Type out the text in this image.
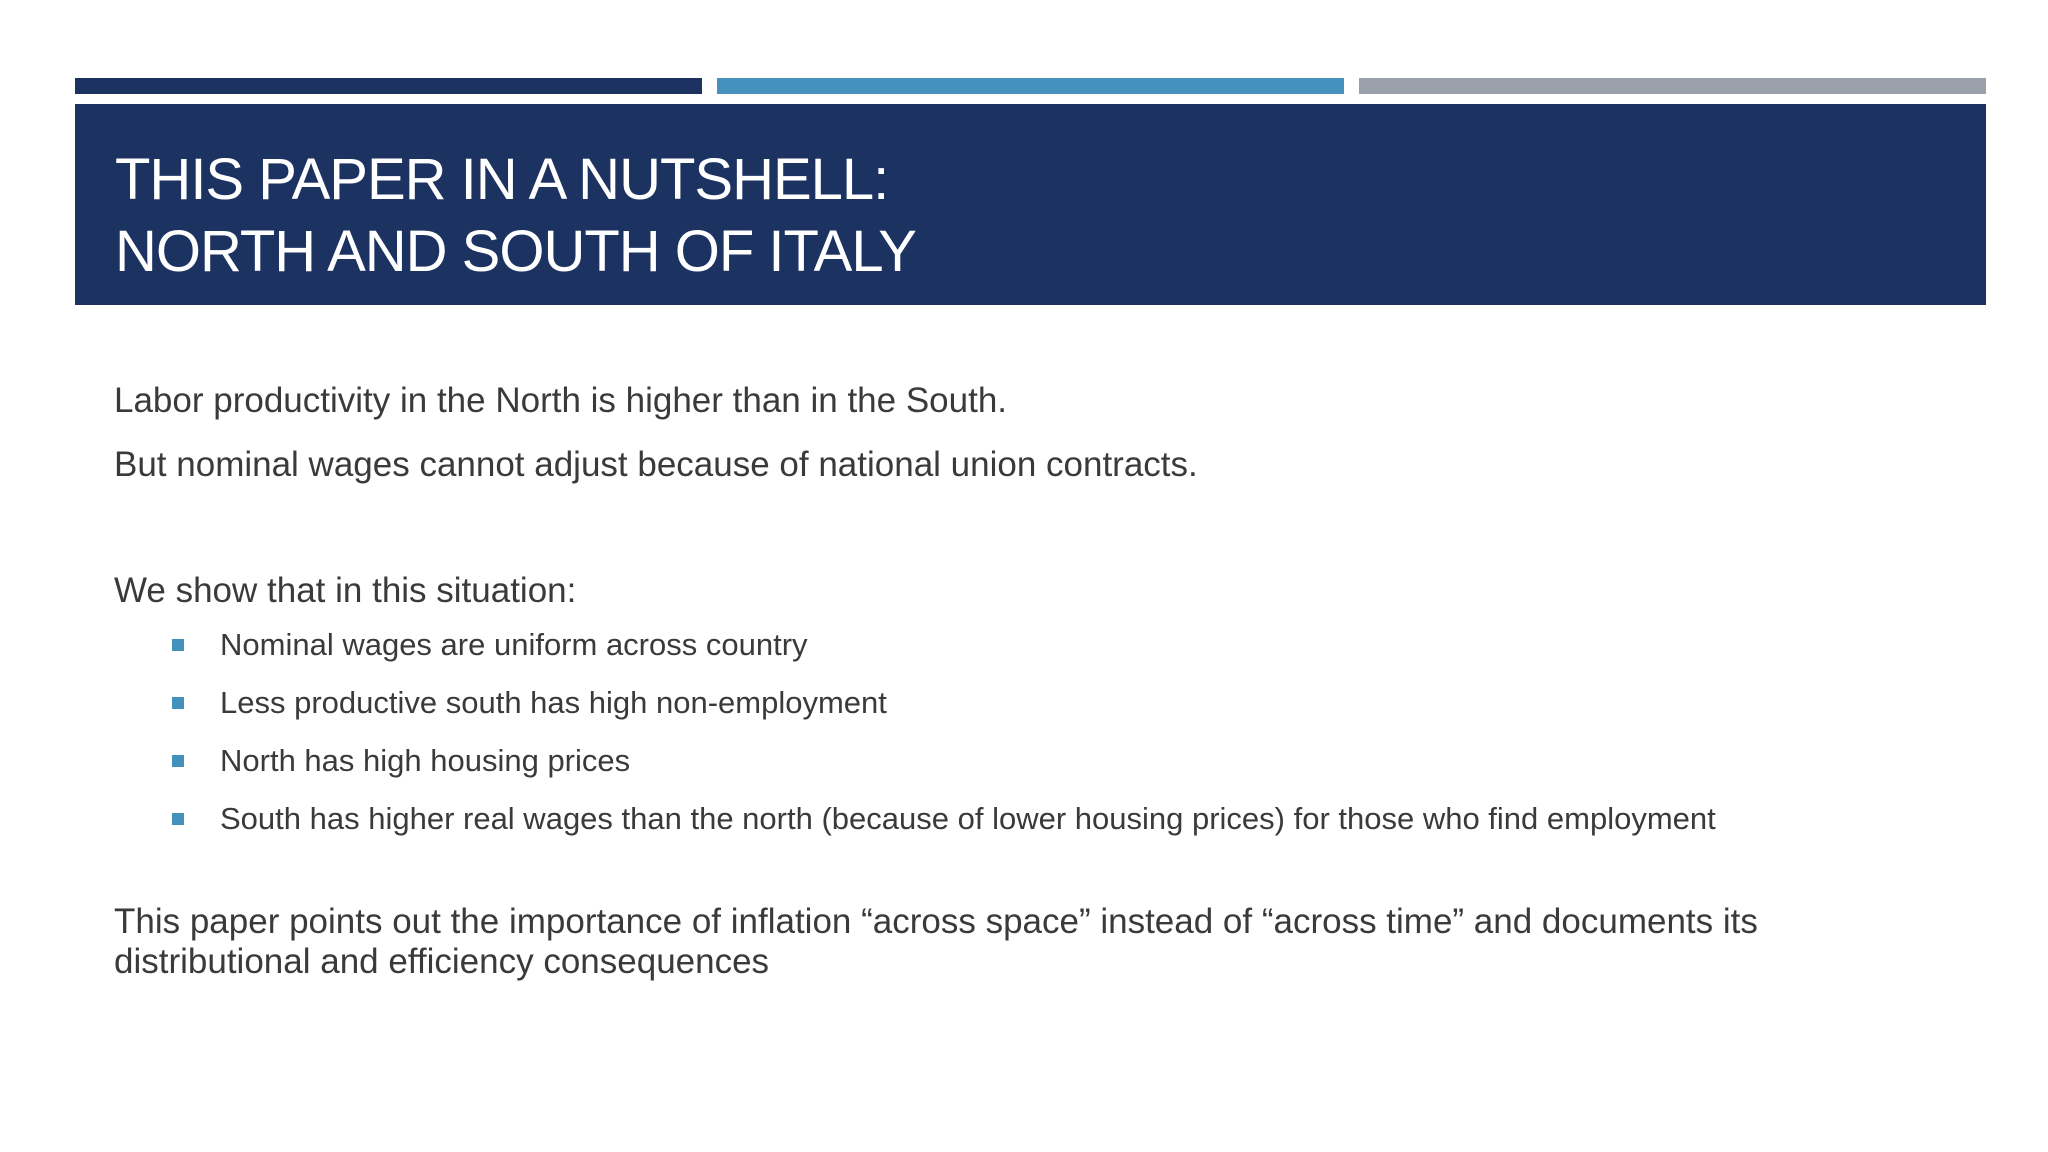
THIS PAPER IN A NUTSHELL:
NORTH AND SOUTH OF ITALY

Labor productivity in the North is higher than in the South.

But nominal wages cannot adjust because of national union contracts.

We show that in this situation:

Nominal wages are uniform across country
Less productive south has high non-employment
North has high housing prices
South has higher real wages than the north (because of lower housing prices) for those who find employment

This paper points out the importance of inflation “across space” instead of “across time” and documents its distributional and efficiency consequences
